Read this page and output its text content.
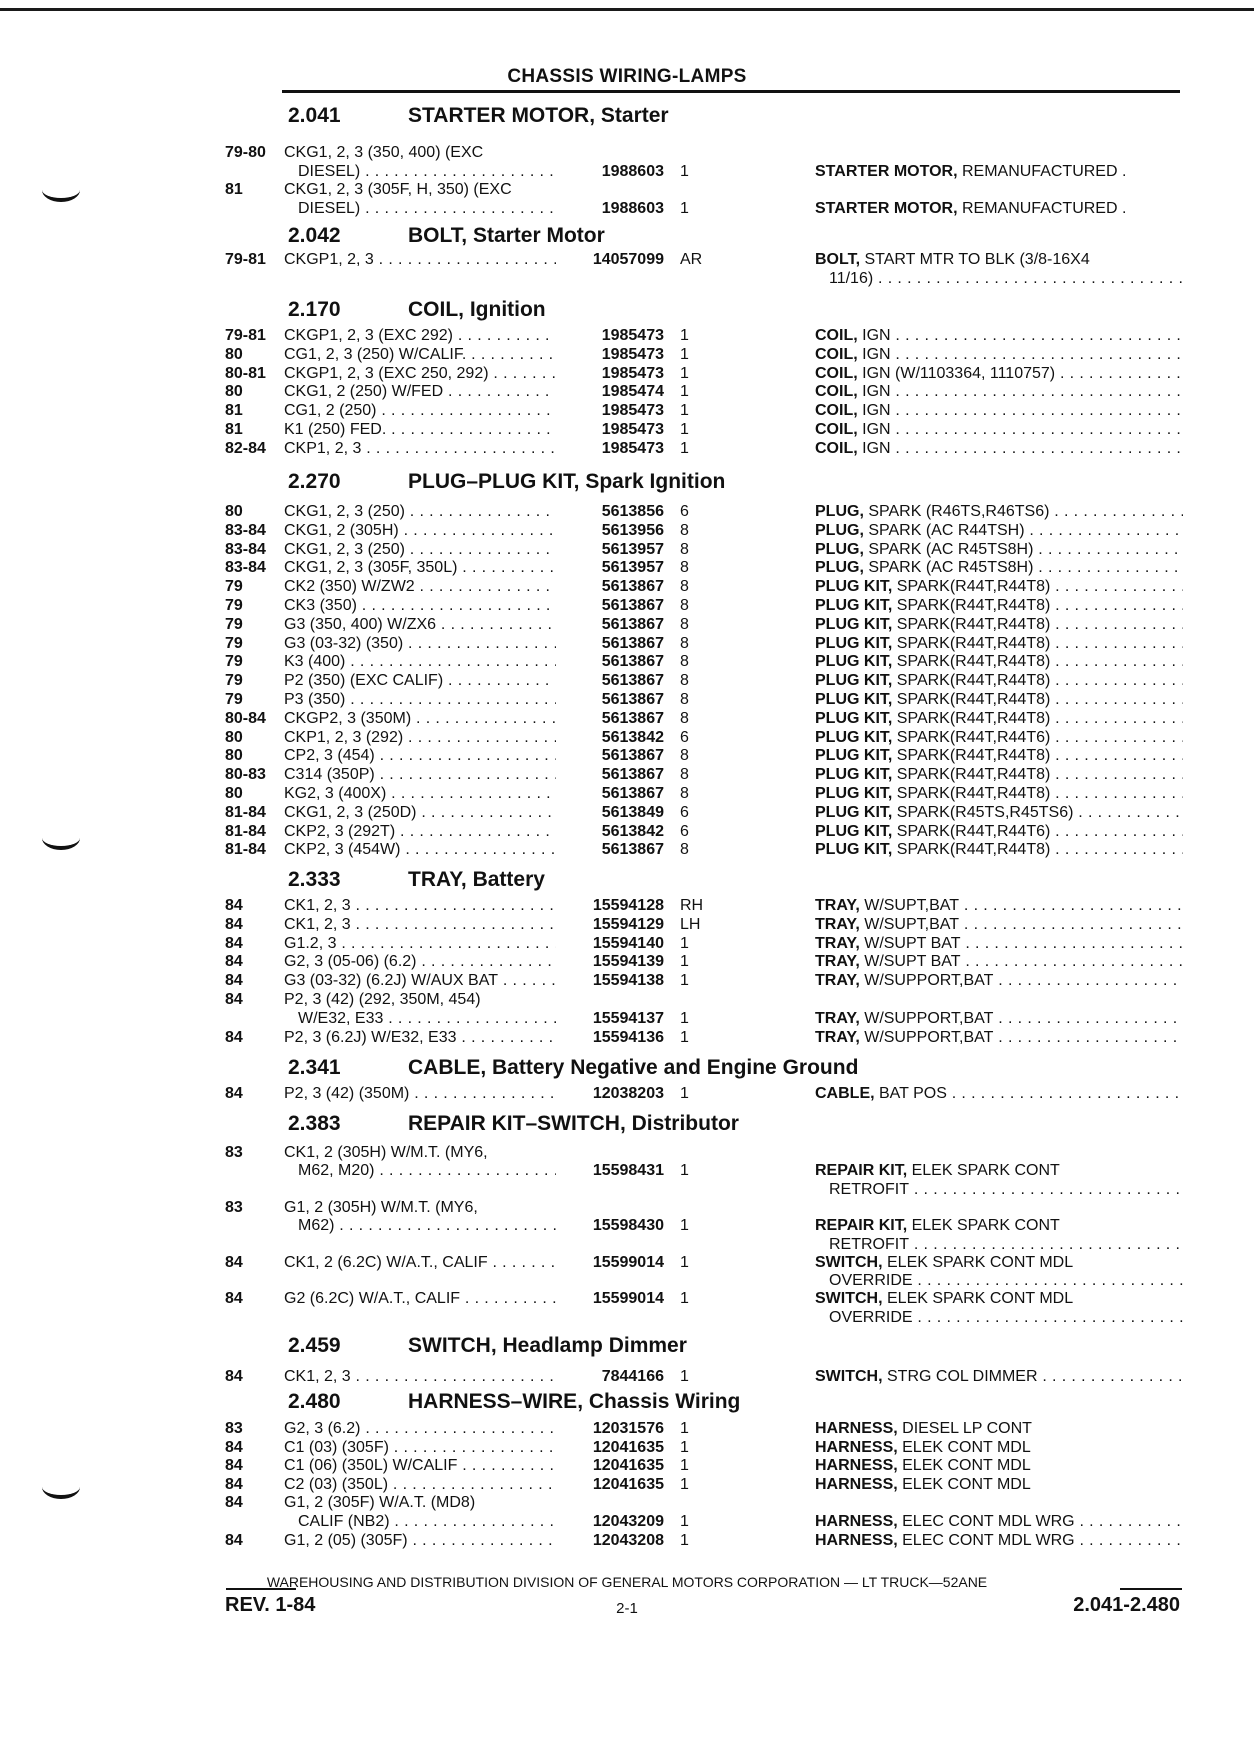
CHASSIS WIRING-LAMPS
2.041	STARTER MOTOR, Starter
79-80 CKG1, 2, 3 (350, 400) (EXC
DIESEL) . . .	1988603 1	STARTER MOTOR, REMANUFACTURED .
81	CKG1, 2, 3 (305F, H, 350) (EXC
DIESEL) . . .	1988603 1	STARTER MOTOR, REMANUFACTURED .
2.042	BOLT, Starter Motor
79-81 CKGP1, 2, 3 . . .	14057099 AR	BOLT, START MTR TO BLK (3/8-16X4
11/16) . . .
2.170	COIL, Ignition
79-81 CKGP1, 2, 3 (EXC 292) . . .	1985473 1	COIL, IGN . . .
80	CG1, 2, 3 (250) W/CALIF. . . .	1985473 1	COIL, IGN . . .
80-81 CKGP1, 2, 3 (EXC 250, 292) . . .	1985473 1	COIL, IGN (W/1103364, 1110757) . . .
80	CKG1, 2 (250) W/FED . . .	1985474 1	COIL, IGN . . .
81	CG1, 2 (250) . . .	1985473 1	COIL, IGN . . .
81	K1 (250) FED. . . .	1985473 1	COIL, IGN . . .
82-84 CKP1, 2, 3 . . .	1985473 1	COIL, IGN . . .
2.270	PLUG–PLUG KIT, Spark Ignition
80	CKG1, 2, 3 (250) . . .	5613856 6	PLUG, SPARK (R46TS,R46TS6) . . .
83-84 CKG1, 2 (305H) . . .	5613956 8	PLUG, SPARK (AC R44TSH) . . .
83-84 CKG1, 2, 3 (250) . . .	5613957 8	PLUG, SPARK (AC R45TS8H) . . .
83-84 CKG1, 2, 3 (305F, 350L) . . .	5613957 8	PLUG, SPARK (AC R45TS8H) . . .
79	CK2 (350) W/ZW2 . . .	5613867 8	PLUG KIT, SPARK(R44T,R44T8) . . .
79	CK3 (350) . . .	5613867 8	PLUG KIT, SPARK(R44T,R44T8) . . .
79	G3 (350, 400) W/ZX6 . . .	5613867 8	PLUG KIT, SPARK(R44T,R44T8) . . .
79	G3 (03-32) (350) . . .	5613867 8	PLUG KIT, SPARK(R44T,R44T8) . . .
79	K3 (400) . . .	5613867 8	PLUG KIT, SPARK(R44T,R44T8) . . .
79	P2 (350) (EXC CALIF) . . .	5613867 8	PLUG KIT, SPARK(R44T,R44T8) . . .
79	P3 (350) . . .	5613867 8	PLUG KIT, SPARK(R44T,R44T8) . . .
80-84 CKGP2, 3 (350M) . . .	5613867 8	PLUG KIT, SPARK(R44T,R44T8) . . .
80	CKP1, 2, 3 (292) . . .	5613842 6	PLUG KIT, SPARK(R44T,R44T6) . . .
80	CP2, 3 (454) . . .	5613867 8	PLUG KIT, SPARK(R44T,R44T8) . . .
80-83 C314 (350P) . . .	5613867 8	PLUG KIT, SPARK(R44T,R44T8) . . .
80	KG2, 3 (400X) . . .	5613867 8	PLUG KIT, SPARK(R44T,R44T8) . . .
81-84 CKG1, 2, 3 (250D) . . .	5613849 6	PLUG KIT, SPARK(R45TS,R45TS6) . . .
81-84 CKP2, 3 (292T) . . .	5613842 6	PLUG KIT, SPARK(R44T,R44T6) . . .
81-84 CKP2, 3 (454W) . . .	5613867 8	PLUG KIT, SPARK(R44T,R44T8) . . .
2.333	TRAY, Battery
84	CK1, 2, 3 . . .	15594128 RH	TRAY, W/SUPT,BAT . . .
84	CK1, 2, 3 . . .	15594129 LH	TRAY, W/SUPT,BAT . . .
84	G1.2, 3 . . .	15594140 1	TRAY, W/SUPT BAT . . .
84	G2, 3 (05-06) (6.2) . . .	15594139 1	TRAY, W/SUPT BAT . . .
84	G3 (03-32) (6.2J) W/AUX BAT . . .	15594138 1	TRAY, W/SUPPORT,BAT . . .
84	P2, 3 (42) (292, 350M, 454)
W/E32, E33 . . .	15594137 1	TRAY, W/SUPPORT,BAT . . .
84	P2, 3 (6.2J) W/E32, E33 . . .	15594136 1	TRAY, W/SUPPORT,BAT . . .
2.341	CABLE, Battery Negative and Engine Ground
84	P2, 3 (42) (350M) . . .	12038203 1	CABLE, BAT POS . . .
2.383	REPAIR KIT–SWITCH, Distributor
83	CK1, 2 (305H) W/M.T. (MY6,
M62, M20) . . .	15598431 1	REPAIR KIT, ELEK SPARK CONT
RETROFIT . . .
83	G1, 2 (305H) W/M.T. (MY6,
M62) . . .	15598430 1	REPAIR KIT, ELEK SPARK CONT
RETROFIT . . .
84	CK1, 2 (6.2C) W/A.T., CALIF . . .	15599014 1	SWITCH, ELEK SPARK CONT MDL
OVERRIDE . . .
84	G2 (6.2C) W/A.T., CALIF . . .	15599014 1	SWITCH, ELEK SPARK CONT MDL
OVERRIDE . . .
2.459	SWITCH, Headlamp Dimmer
84	CK1, 2, 3 . . .	7844166 1	SWITCH, STRG COL DIMMER . . .
2.480	HARNESS–WIRE, Chassis Wiring
83	G2, 3 (6.2) . . .	12031576 1	HARNESS, DIESEL LP CONT
84	C1 (03) (305F) . . .	12041635 1	HARNESS, ELEK CONT MDL
84	C1 (06) (350L) W/CALIF . . .	12041635 1	HARNESS, ELEK CONT MDL
84	C2 (03) (350L) . . .	12041635 1	HARNESS, ELEK CONT MDL
84	G1, 2 (305F) W/A.T. (MD8)
CALIF (NB2) . . .	12043209 1	HARNESS, ELEC CONT MDL WRG . . .
84	G1, 2 (05) (305F) . . .	12043208 1	HARNESS, ELEC CONT MDL WRG . . .
WAREHOUSING AND DISTRIBUTION DIVISION OF GENERAL MOTORS CORPORATION — LT TRUCK—52ANE
REV. 1-84	2-1	2.041-2.480
